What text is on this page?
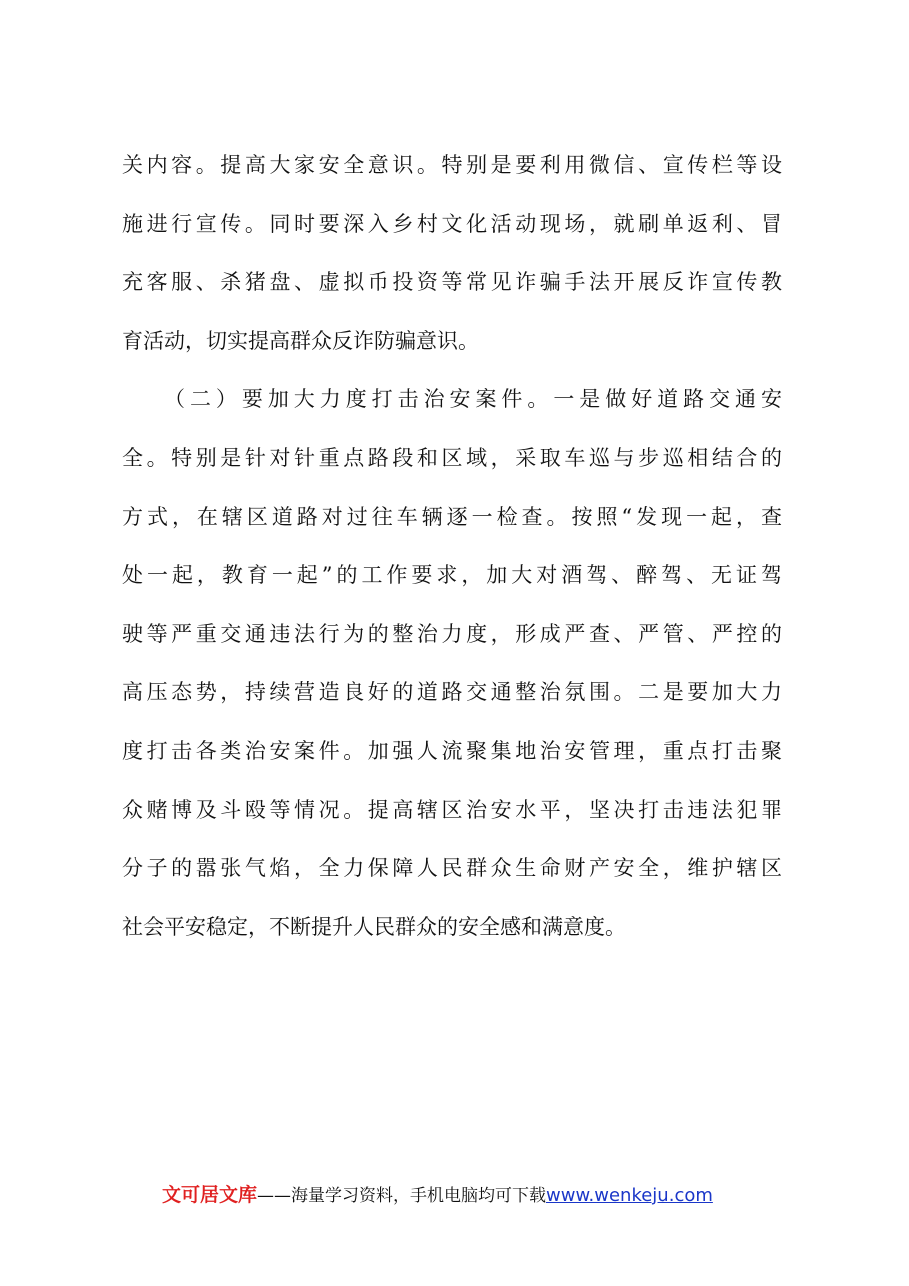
关内容。提高大家安全意识。特别是要利用微信、宣传栏等设
施进行宣传。同时要深入乡村文化活动现场，就刷单返利、冒
充客服、杀猪盘、虚拟币投资等常见诈骗手法开展反诈宣传教
育活动，切实提高群众反诈防骗意识。
（二）要加大力度打击治安案件。一是做好道路交通安
全。特别是针对针重点路段和区域，采取车巡与步巡相结合的
方式，在辖区道路对过往车辆逐一检查。按照“发现一起，查
处一起，教育一起”的工作要求，加大对酒驾、醉驾、无证驾
驶等严重交通违法行为的整治力度，形成严查、严管、严控的
高压态势，持续营造良好的道路交通整治氛围。二是要加大力
度打击各类治安案件。加强人流聚集地治安管理，重点打击聚
众赌博及斗殴等情况。提高辖区治安水平，坚决打击违法犯罪
分子的嚣张气焰，全力保障人民群众生命财产安全，维护辖区
社会平安稳定，不断提升人民群众的安全感和满意度。
文可居文库——海量学习资料，手机电脑均可下载www.wenkeju.com
